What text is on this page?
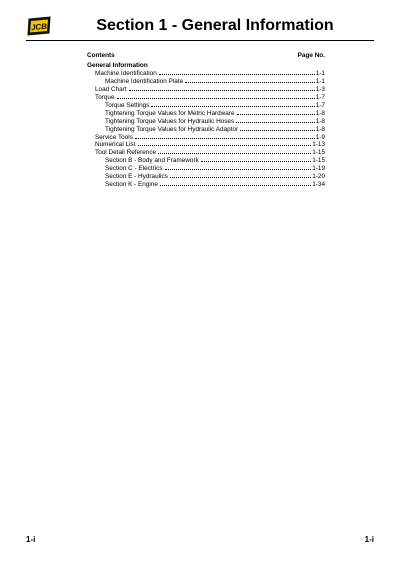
JCB	Section 1 - General Information
Contents	Page No.
General Information
Machine Identification	1-1
Machine Identification Plate	1-1
Load Chart	1-3
Torque	1-7
Torque Settings	1-7
Tightening Torque Values for Metric Hardware	1-8
Tightening Torque Values for Hydraulic Hoses	1-8
Tightening Torque Values for Hydraulic Adaptor	1-8
Service Tools	1-9
Numerical List	1-13
Tool Detail Reference	1-15
Section B - Body and Framework	1-15
Section C - Electrics	1-19
Section E - Hydraulics	1-20
Section K - Engine	1-34
1-i	1-i
